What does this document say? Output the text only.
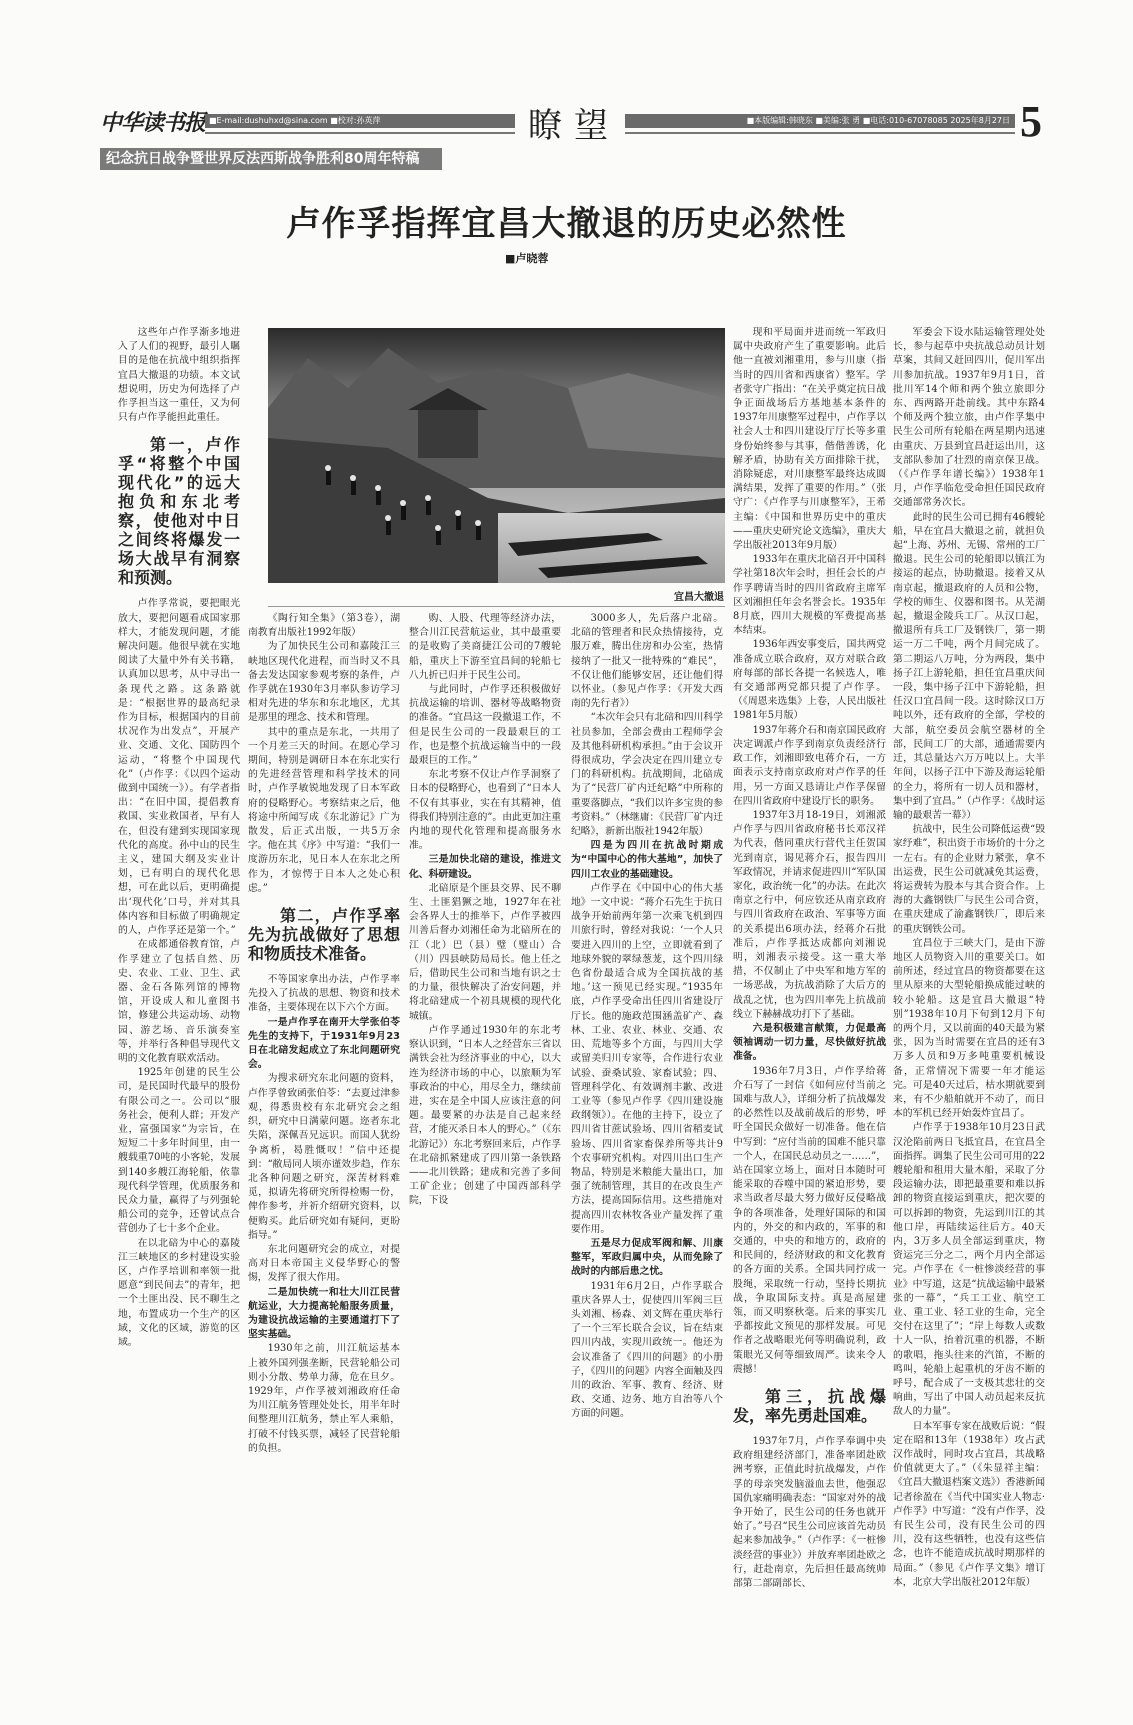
中华读书报 ■E-mail:dushuhxd@sina.com ■校对:孙英萍	瞭望	■本版编辑:韩晓东 ■美编:张 勇 ■电话:010-67078085 2025年8月27日 5
纪念抗日战争暨世界反法西斯战争胜利80周年特稿
卢作孚指挥宜昌大撤退的历史必然性
■卢晓蓉
宜昌大撤退

这些年卢作孚渐多地进入了人们的视野，最引人瞩目的是他在抗战中组织指挥宜昌大撤退的功绩。本文试想说明，历史为何选择了卢作孚担当这一重任，又为何只有卢作孚能担此重任。

第一，卢作孚“将整个中国现代化”的远大抱负和东北考察，使他对中日之间终将爆发一场大战早有洞察和预测。

卢作孚常说，要把眼光放大，要把问题看成国家那样大，才能发现问题，才能解决问题。他很早就在实地阅读了大量中外有关书籍，认真加以思考，从中寻出一条现代之路。这条路就是：“根据世界的最高纪录作为目标，根据国内的目前状况作为出发点”，开展产业、交通、文化、国防四个运动，“将整个中国现代化”（卢作孚：《以四个运动做到中国统一》）。有学者指出：“在旧中国，提倡教育救国、实业救国者，早有人在，但没有建到实现国家现代化的高度。孙中山的民生主义，建国大纲及实业计划，已有明白的现代化思想，可在此以后，更明确提出‘现代化’口号，并对其具体内容和目标做了明确规定的人，卢作孚还是第一个。”

在成都通俗教育馆，卢作孚建立了包括自然、历史、农业、工业、卫生、武器、金石各陈列馆的博物馆，开设成人和儿童图书馆，修建公共运动场、动物园、游艺场、音乐演奏室等，并举行各种倡导现代文明的文化教育联欢活动。

1925年创建的民生公司，是民国时代最早的股份有限公司之一。公司以“服务社会，便利人群；开发产业，富强国家”为宗旨，在短短二十多年时间里，由一艘载重70吨的小客轮，发展到140多艘江海轮船，依靠现代科学管理，优质服务和民众力量，赢得了与列强轮船公司的竞争，还曾试点合营创办了七十多个企业。

在以北碚为中心的嘉陵江三峡地区的乡村建设实验区，卢作孚培训和率领一批愿意“到民间去”的青年，把一个土匪出没、民不聊生之地，布置成功一个生产的区域，文化的区域，游览的区域。

《陶行知全集》（第3卷），湖南教育出版社1992年版）

为了加快民生公司和嘉陵江三峡地区现代化进程，而当时又不具备去发达国家参观考察的条件，卢作孚就在1930年3月率队参访学习相对先进的华东和东北地区，尤其是那里的理念、技术和管理。

其中的重点是东北，一共用了一个月差三天的时间。在愿心学习期间，特别是调研日本在东北实行的先进经营管理和科学技术的同时，卢作孚敏锐地发现了日本军政府的侵略野心。考察结束之后，他将途中所闻写成《东北游记》广为散发，后正式出版，一共5万余字。他在其《序》中写道：“我们一度游历东北，见日本人在东北之所作为，才惊愕于日本人之处心积虑。”

第二，卢作孚率先为抗战做好了思想和物质技术准备。

不等国家拿出办法，卢作孚率先投入了抗战的思想、物资和技术准备，主要体现在以下六个方面。

一是卢作孚在南开大学张伯苓先生的支持下，于1931年9月23日在北碚发起成立了东北问题研究会。

为搜求研究东北问题的资料，卢作孚曾致函张伯苓：“去夏过津参观，得悉贵校有东北研究会之组织，研究中日满蒙问题。迩者东北失陷，深佩吾兄远识。而国人犹纷争离析，曷胜慨叹！”信中还提到：“敝局同人顷亦谨效步趋，作东北各种问题之研究，深苦材料难觅，拟请先将研究所得检赐一份，俾作参考，并祈介绍研究资料，以便购买。此后研究如有疑问，更盼指导。”

东北问题研究会的成立，对提高对日本帝国主义侵华野心的警惕，发挥了很大作用。

二是加快统一和壮大川江民营航运业，大力提高轮船服务质量，为建设抗战运输的主要通道打下了坚实基础。

1930年之前，川江航运基本上被外国列强垄断，民营轮船公司则小分散、势单力薄，危在旦夕。1929年，卢作孚被刘湘政府任命为川江航务管理处处长，用半年时间整理川江航务，禁止军人乘船，打破不付钱买票，减轻了民营轮船的负担。

购、人股、代理等经济办法，整合川江民营航运业，其中最重要的是收购了美商捷江公司的7艘轮船，重庆上下游至宜昌间的轮船七八九折已归并于民生公司。

与此同时，卢作孚还积极做好抗战运输的培训、器材等战略物资的准备。“宜昌这一段撤退工作，不但是民生公司的一段最艰巨的工作，也是整个抗战运输当中的一段最艰巨的工作。”

东北考察不仅让卢作孚洞察了日本的侵略野心，也看到了“日本人不仅有其事业，实在有其精神，值得我们特别注意的”。由此更加注重内地的现代化管理和提高服务水准。

三是加快北碚的建设，推进文化、科研建设。

北碚原是个匪县交界、民不聊生、土匪猖獗之地，1927年在社会各界人士的推举下，卢作孚被四川善后督办刘湘任命为北碚所在的江（北）巴（县）璧（璧山）合（川）四县峡防局局长。他上任之后，借助民生公司和当地有识之士的力量，很快解决了治安问题，并将北碚建成一个初具规模的现代化城镇。

卢作孚通过1930年的东北考察认识到，“日本人之经营东三省以满铁会社为经济事业的中心，以大连为经济市场的中心，以旅顺为军事政治的中心，用尽全力，继续前进，实在是全中国人应该注意的问题。最要紧的办法是自己起来经营，才能灭杀日本人的野心。”（《东北游记》）东北考察回来后，卢作孚在北碚抓紧建成了四川第一条铁路——北川铁路；建成和完善了多间工矿企业；创建了中国西部科学院，下设

3000多人，先后落户北碚。北碚的管理者和民众热情接待，克服万难，腾出住房和办公室，热情接纳了一批又一批特殊的“难民”，不仅让他们能够安居，还让他们得以怀业。（参见卢作孚：《开发大西南的先行者》）

“本次年会只有北碚和四川科学社员参加，全部会费由工程师学会及其他科研机构承担。”由于会议开得很成功，学会决定在四川建立专门的科研机构。抗战期间，北碚成为了“民营厂矿内迁纪略”中所称的重要落脚点，“我们以许多宝贵的参考资料。”（林继庸：《民营厂矿内迁纪略》，新新出版社1942年版）

四是为四川在抗战时期成为“中国中心的伟大基地”，加快了四川工农业的基础建设。

卢作孚在《中国中心的伟大基地》一文中说：“蒋介石先生于抗日战争开始前两年第一次乘飞机到四川旅行时，曾经对我说：‘一个人只要进入四川的上空，立即就看到了地球外貌的翠绿葱茏，这个四川绿色省份最适合成为全国抗战的基地。’这一预见已经实现。”1935年底，卢作孚受命出任四川省建设厅厅长。他的施政范围涵盖矿产、森林、工业、农业、林业、交通、农田、荒地等多个方面，与四川大学或留美归川专家等，合作进行农业试验、蚕桑试验、家畜试验；四、管理科学化、有效调剂丰歉、改进工业等（参见卢作孚《四川建设施政纲领》）。在他的主持下，设立了四川省甘蔗试验场、四川省稻麦试验场、四川省家畜保养所等共计9个农事研究机构。对四川出口生产物品，特别是米粮能大量出口，加强了统制管理，其目的在改良生产方法，提高国际信用。这些措施对提高四川农林牧各业产量发挥了重要作用。

五是尽力促成军阀和解、川康整军，军政归属中央，从而免除了战时的内部后患之忧。

1931年6月2日，卢作孚联合重庆各界人士，促使四川军阀三巨头刘湘、杨森、刘文辉在重庆举行了一个三军长联合会议，旨在结束四川内战，实现川政统一。他还为会议准备了《四川的问题》的小册子，《四川的问题》内容全面触及四川的政治、军事、教育、经济、财政、交通、边务、地方自治等八个方面的问题。

现和平局面并进而统一军政归属中央政府产生了重要影响。此后他一直被刘湘重用，参与川康（指当时的四川省和西康省）整军。学者张守广指出：“在关乎奠定抗日战争正面战场后方基地基本条件的1937年川康整军过程中，卢作孚以社会人士和四川建设厅厅长等多重身份始终参与其事，偕偕善诱，化解矛盾，协助有关方面排除干扰，消除疑虑，对川康整军最终达成圆满结果，发挥了重要的作用。”（张守广：《卢作孚与川康整军》，王希主编：《中国和世界历史中的重庆——重庆史研究论文选编》，重庆大学出版社2013年9月版）

1933年在重庆北碚召开中国科学社第18次年会时，担任会长的卢作孚聘请当时的四川省政府主席军区刘湘担任年会名誉会长。1935年8月底，四川大规模的军费提高基本结束。

1936年西安事变后，国共两党准备成立联合政府，双方对联合政府每部的部长各提一名候选人，唯有交通部两党都只提了卢作孚。（《周恩来选集》上卷，人民出版社1981年5月版）

1937年蒋介石和南京国民政府决定调派卢作孚到南京负责经济行政工作，刘湘即致电蒋介石，一方面表示支持南京政府对卢作孚的任用，另一方面又恳请让卢作孚保留在四川省政府中建设厅长的职务。

1937年3月18-19日，刘湘派卢作孚与四川省政府秘书长邓汉祥为代表，偕同重庆行营代主任贺国光到南京，谒见蒋介石，报告四川军政情况，并请求促进四川“军队国家化，政治统一化”的办法。在此次南京之行中，何应钦还从南京政府与四川省政府在政治、军事等方面的关系提出6项办法，经蒋介石批准后，卢作孚抵达成都向刘湘说明，刘湘表示接受。这一重大举措，不仅制止了中央军和地方军的一场恶战，为抗战消除了大后方的战乱之忧，也为四川率先上抗战前线立下赫赫战功打下了基础。

六是积极建言献策，力促最高领袖调动一切力量，尽快做好抗战准备。

1936年7月3日，卢作孚给蒋介石写了一封信《如何应付当前之国难与敌人》，详细分析了抗战爆发的必然性以及战前战后的形势，呼吁全国民众做好一切准备。他在信中写到：“应付当前的国难不能只靠一个人，在国民总动员之一……”，站在国家立场上，面对日本随时可能采取的吞噬中国的紧迫形势，要求当政者尽最大努力做好反侵略战争的各项准备，处理好国际的和国内的，外交的和内政的，军事的和交通的，中央的和地方的，政府的和民间的，经济财政的和文化教育的各方面的关系。全国共同拧成一股绳，采取统一行动，坚持长期抗战，争取国际支持。真是高屋建瓴，而又明察秋毫。后来的事实几乎都按此文预见的那样发展。可见作者之战略眼光何等明确说利，政策眼光又何等细致周严。读来令人震撼！

第三，抗战爆发，率先勇赴国难。

1937年7月，卢作孚奉调中央政府组建经济部门，准备率团赴欧洲考察，正值此时抗战爆发，卢作孚的母亲突发脑溢血去世，他强忍国仇家痛明确表态：“国家对外的战争开始了，民生公司的任务也就开始了。”号召“民生公司应该首先动员起来参加战争。”（卢作孚：《一桩惨淡经营的事业》）并放弃率团赴欧之行，赶赴南京，先后担任最高统帅部第二部副部长、

军委会下设水陆运输管理处处长，参与起草中央抗战总动员计划草案，其间又赶回四川，促川军出川参加抗战。1937年9月1日，首批川军14个师和两个独立旅即分东、西两路开赴前线。其中东路4个师及两个独立旅，由卢作孚集中民生公司所有轮船在两星期内迅速由重庆、万县到宜昌赶运出川，这支部队参加了壮烈的南京保卫战。（《卢作孚年谱长编》）1938年1月，卢作孚临危受命担任国民政府交通部常务次长。

此时的民生公司已拥有46艘轮船，早在宜昌大撤退之前，就担负起“上海、苏州、无锡、常州的工厂撤退。民生公司的轮船即以镇江为接运的起点，协助撤退。接着又从南京起，撤退政府的人员和公物，学校的师生、仪器和图书。从芜湖起，撤退金陵兵工厂。从汉口起，撤退所有兵工厂及钢铁厂，第一期运一万二千吨，两个月间完成了。第二期运八万吨，分为两段，集中扬子江上游轮船，担任宜昌重庆间一段，集中扬子江中下游轮船，担任汉口宜昌间一段。这时除汉口万吨以外，还有政府的全部，学校的大部，航空委员会航空器材的全部，民间工厂的大部，通通需要内迁，其总量达六万万吨以上。大半年间，以扬子江中下游及海运轮船的全力，将所有一切人员和器材，集中到了宜昌。”（卢作孚：《战时运输的最艰苦一幕》）

抗战中，民生公司降低运费“毁家纾难”，积出资于市场价的十分之一左右。有的企业财力紧张，拿不出运费，民生公司就减免其运费，将运费转为股本与其合资合作。上海的大鑫钢铁厂与民生公司合资，在重庆建成了渝鑫钢铁厂，即后来的重庆钢铁公司。

宜昌位于三峡大门，是由下游地区人员物资入川的重要关口。如前所述，经过宜昌的物资都要在这里从原来的大型轮船换成能过峡的较小轮船。这是宜昌大撤退“特别”1938年10月下旬到12月下旬的两个月，又以前面的40天最为紧张，因为当时需要在宜昌的还有3万多人员和9万多吨重要机械设备，正常情况下需要一年才能运完。可是40天过后，枯水期就要到来，有不少船舶就开不动了，而日本的军机已经开始轰炸宜昌了。

卢作孚于1938年10月23日武汉沦陷前两日飞抵宜昌，在宜昌全面指挥。调集了民生公司可用的22艘轮船和租用大量木船，采取了分段运输办法，即把最重要和难以拆卸的物资直接运到重庆，把次要的可以拆卸的物资，先运到川江的其他口岸，再陆续运往后方。40天内，3万多人员全部运到重庆，物资运完三分之二，两个月内全部运完。卢作孚在《一桩惨淡经营的事业》中写道，这是“抗战运输中最紧张的一幕”，“兵工工业、航空工业、重工业、轻工业的生命，完全交付在这里了”；“岸上每数人或数十人一队，抬着沉重的机器，不断的歌唱，拖头往来的汽笛，不断的鸣叫，轮船上起重机的牙齿不断的呼号，配合成了一支极其悲壮的交响曲，写出了中国人动员起来反抗敌人的力量”。

日本军事专家在战败后说：“假定在昭和13年（1938年）攻占武汉作战时，同时攻占宜昌，其战略价值就更大了。”（《朱显祥主编：《宜昌大撤退档案文选》）香港新闻记者徐盈在《当代中国实业人物志·卢作孚》中写道：“没有卢作孚，没有民生公司，没有民生公司的四川，没有这些牺牲，也没有这些信念，也许不能造成抗战时期那样的局面。”（参见《卢作孚文集》增订本，北京大学出版社2012年版）
